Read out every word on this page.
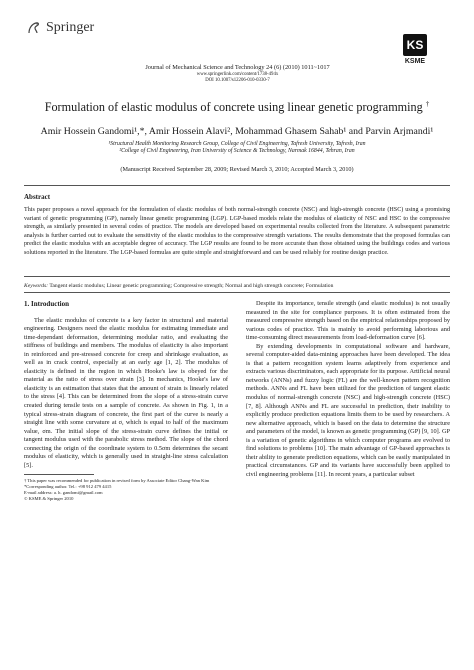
Springer
Journal of Mechanical Science and Technology 24 (6) (2010) 1011~1017
www.springerlink.com/content/1738-494x
DOI 10.1007/s12206-010-0330-7
KS
KSME
Formulation of elastic modulus of concrete using linear genetic programming †
Amir Hossein Gandomi¹,*, Amir Hossein Alavi², Mohammad Ghasem Sahab¹ and Parvin Arjmandi¹
¹Structural Health Monitoring Research Group, College of Civil Engineering, Tafresh University, Tafresh, Iran
²College of Civil Engineering, Iran University of Science & Technology, Narmak 16844, Tehran, Iran
(Manuscript Received September 28, 2009; Revised March 3, 2010; Accepted March 3, 2010)
Abstract
This paper proposes a novel approach for the formulation of elastic modulus of both normal-strength concrete (NSC) and high-strength concrete (HSC) using a promising variant of genetic programming (GP), namely linear genetic programming (LGP). LGP-based models relate the modulus of elasticity of NSC and HSC to the compressive strength, as similarly presented in several codes of practice. The models are developed based on experimental results collected from the literature. A subsequent parametric analysis is further carried out to evaluate the sensitivity of the elastic modulus to the compressive strength variations. The results demonstrate that the proposed formulas can predict the elastic modulus with an acceptable degree of accuracy. The LGP results are found to be more accurate than those obtained using the buildings codes and various solutions reported in the literature. The LGP-based formulas are quite simple and straightforward and can be used reliably for routine design practice.
Keywords: Tangent elastic modulus; Linear genetic programming; Compressive strength; Normal and high strength concrete; Formulation
1. Introduction

The elastic modulus of concrete is a key factor in structural and material engineering. Designers need the elastic modulus for estimating immediate and time-dependant deformation, determining modular ratio, and evaluating the stiffness of buildings and members. The modulus of elasticity is also important in reinforced and pre-stressed concrete for creep and shrinkage evaluation, as well as in crack control, especially at an early age [1, 2]. The modulus of elasticity is defined in the region in which Hooke's law is obeyed for the material as the ratio of stress over strain [3]. In mechanics, Hooke's law of elasticity is an estimation that states that the amount of strain is linearly related to the stress [4]. This can be determined from the slope of a stress-strain curve created during tensile tests on a sample of concrete. As shown in Fig. 1, in a typical stress-strain diagram of concrete, the first part of the curve is nearly a straight line with some curvature at σ, which is equal to half of the maximum value, σm. The initial slope of the stress-strain curve defines the initial or tangent modulus used with the parabolic stress method. The slope of the chord connecting the origin of the coordinate system to 0.5σm determines the secant modulus of elasticity, which is generally used in straight-line stress calculation [5].

† This paper was recommended for publication in revised form by Associate Editor Chang-Wan Kim

*Corresponding author. Tel.: +98 912 479 4415

E-mail address: a. h. gandomi@gmail.com

© KSME & Springer 2010

Despite its importance, tensile strength (and elastic modulus) is not usually measured in the site for compliance purposes. It is often estimated from the measured compressive strength based on the empirical relationships proposed by various codes of practice. This is mainly to avoid performing laborious and time-consuming direct measurements from load-deformation curve [6].

By extending developments in computational software and hardware, several computer-aided data-mining approaches have been developed. The idea is that a pattern recognition system learns adaptively from experience and extracts various discriminators, each appropriate for its purpose. Artificial neural networks (ANNs) and fuzzy logic (FL) are the well-known pattern recognition methods. ANNs and FL have been utilized for the prediction of tangent elastic modulus of normal-strength concrete (NSC) and high-strength concrete (HSC) [7, 8]. Although ANNs and FL are successful in prediction, their inability to explicitly produce prediction equations limits them to be used by researchers. A new alternative approach, which is based on the data to determine the structure and parameters of the model, is known as genetic programming (GP) [9, 10]. GP is a variation of genetic algorithms in which computer programs are evolved to find solutions to problems [10]. The main advantage of GP-based approaches is their ability to generate prediction equations, which can be easily manipulated in practical circumstances. GP and its variants have successfully been applied to civil engineering problems [11]. In recent years, a particular subset
